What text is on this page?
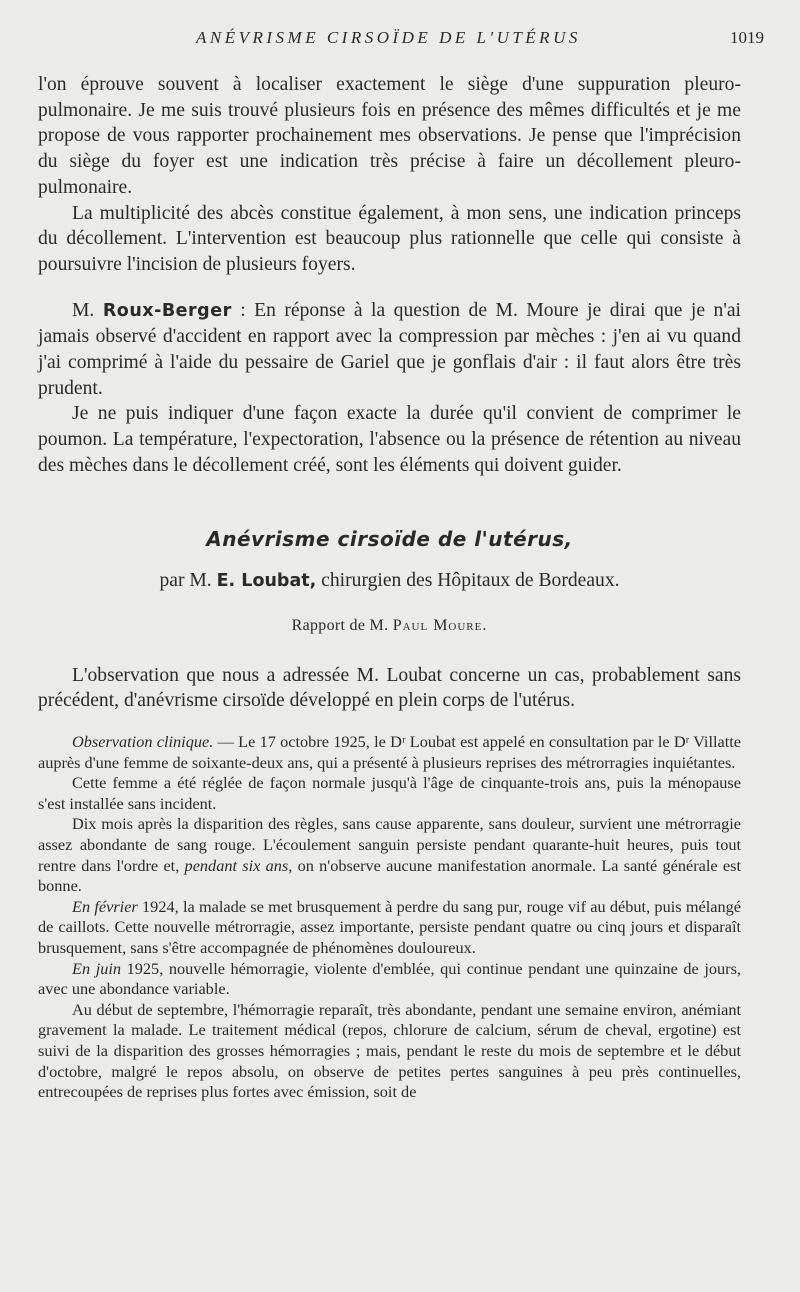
ANÉVRISME CIRSOÏDE DE L'UTÉRUS	1019

l'on éprouve souvent à localiser exactement le siège d'une suppuration pleuro-pulmonaire. Je me suis trouvé plusieurs fois en présence des mêmes difficultés et je me propose de vous rapporter prochainement mes observations. Je pense que l'imprécision du siège du foyer est une indication très précise à faire un décollement pleuro-pulmonaire.

La multiplicité des abcès constitue également, à mon sens, une indication princeps du décollement. L'intervention est beaucoup plus rationnelle que celle qui consiste à poursuivre l'incision de plusieurs foyers.

M. Roux-Berger : En réponse à la question de M. Moure je dirai que je n'ai jamais observé d'accident en rapport avec la compression par mèches : j'en ai vu quand j'ai comprimé à l'aide du pessaire de Gariel que je gonflais d'air : il faut alors être très prudent.

Je ne puis indiquer d'une façon exacte la durée qu'il convient de comprimer le poumon. La température, l'expectoration, l'absence ou la présence de rétention au niveau des mèches dans le décollement créé, sont les éléments qui doivent guider.

Anévrisme cirsoïde de l'utérus,

par M. E. Loubat, chirurgien des Hôpitaux de Bordeaux.

Rapport de M. Paul Moure.

L'observation que nous a adressée M. Loubat concerne un cas, probablement sans précédent, d'anévrisme cirsoïde développé en plein corps de l'utérus.

Observation clinique. — Le 17 octobre 1925, le Dʳ Loubat est appelé en consultation par le Dʳ Villatte auprès d'une femme de soixante-deux ans, qui a présenté à plusieurs reprises des métrorragies inquiétantes.

Cette femme a été réglée de façon normale jusqu'à l'âge de cinquante-trois ans, puis la ménopause s'est installée sans incident.

Dix mois après la disparition des règles, sans cause apparente, sans douleur, survient une métrorragie assez abondante de sang rouge. L'écoulement sanguin persiste pendant quarante-huit heures, puis tout rentre dans l'ordre et, pendant six ans, on n'observe aucune manifestation anormale. La santé générale est bonne.

En février 1924, la malade se met brusquement à perdre du sang pur, rouge vif au début, puis mélangé de caillots. Cette nouvelle métrorragie, assez importante, persiste pendant quatre ou cinq jours et disparaît brusquement, sans s'être accompagnée de phénomènes douloureux.

En juin 1925, nouvelle hémorragie, violente d'emblée, qui continue pendant une quinzaine de jours, avec une abondance variable.

Au début de septembre, l'hémorragie reparaît, très abondante, pendant une semaine environ, anémiant gravement la malade. Le traitement médical (repos, chlorure de calcium, sérum de cheval, ergotine) est suivi de la disparition des grosses hémorragies ; mais, pendant le reste du mois de septembre et le début d'octobre, malgré le repos absolu, on observe de petites pertes sanguines à peu près continuelles, entrecoupées de reprises plus fortes avec émission, soit de
